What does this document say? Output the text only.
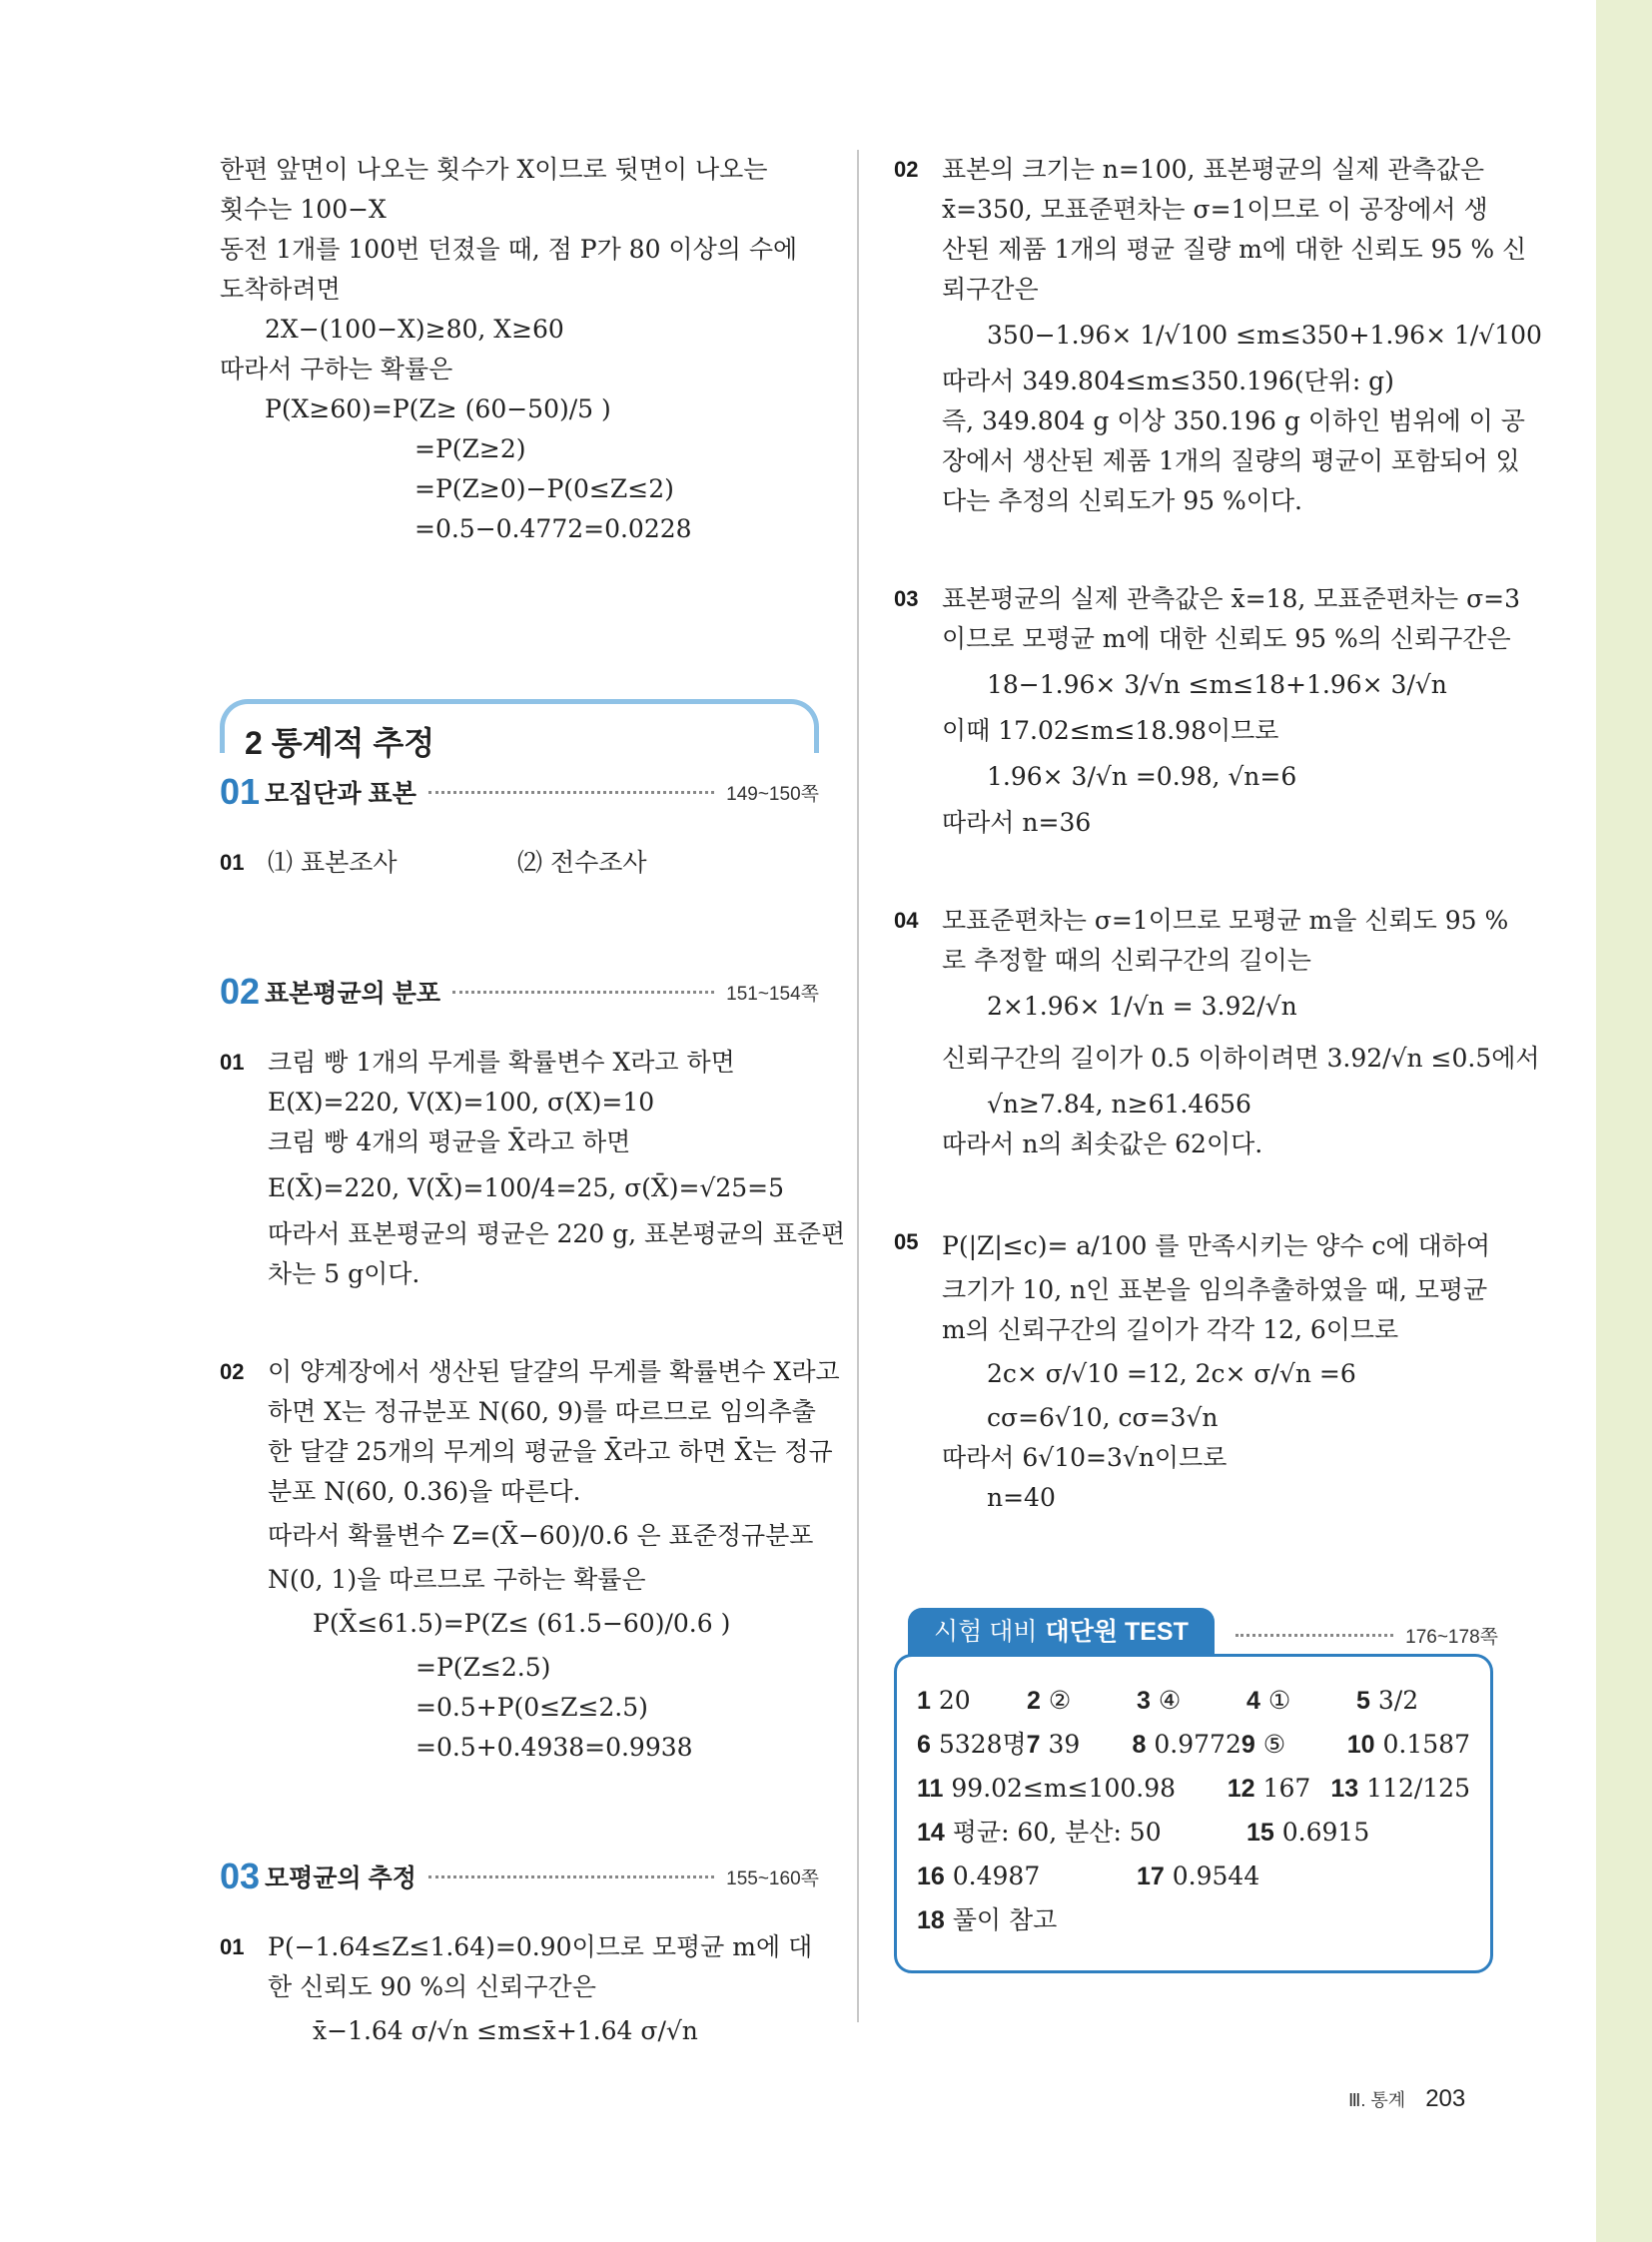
한편 앞면이 나오는 횟수가 X이므로 뒷면이 나오는
횟수는 100−X
동전 1개를 100번 던졌을 때, 점 P가 80 이상의 수에
도착하려면
2X−(100−X)≥80, X≥60
따라서 구하는 확률은
P(X≥60)=P(Z≥ (60−50)/5 )
=P(Z≥2)
=P(Z≥0)−P(0≤Z≤2)
=0.5−0.4772=0.0228
2 통계적 추정
01 모집단과 표본	149~150쪽
01 ⑴ 표본조사	⑵ 전수조사
02 표본평균의 분포	151~154쪽
01 크림 빵 1개의 무게를 확률변수 X라고 하면
E(X)=220, V(X)=100, σ(X)=10
크림 빵 4개의 평균을 X̄라고 하면
E(X̄)=220, V(X̄)=100/4=25, σ(X̄)=√25=5
따라서 표본평균의 평균은 220 g, 표본평균의 표준편
차는 5 g이다.
02 이 양계장에서 생산된 달걀의 무게를 확률변수 X라고
하면 X는 정규분포 N(60, 9)를 따르므로 임의추출
한 달걀 25개의 무게의 평균을 X̄라고 하면 X̄는 정규
분포 N(60, 0.36)을 따른다.
따라서 확률변수 Z=(X̄−60)/0.6 은 표준정규분포
N(0, 1)을 따르므로 구하는 확률은
P(X̄≤61.5)=P(Z≤ (61.5−60)/0.6 )
=P(Z≤2.5)
=0.5+P(0≤Z≤2.5)
=0.5+0.4938=0.9938
03 모평균의 추정	155~160쪽
01 P(−1.64≤Z≤1.64)=0.90이므로 모평균 m에 대
한 신뢰도 90 %의 신뢰구간은
x̄−1.64 σ/√n ≤m≤x̄+1.64 σ/√n
02 표본의 크기는 n=100, 표본평균의 실제 관측값은
x̄=350, 모표준편차는 σ=1이므로 이 공장에서 생
산된 제품 1개의 평균 질량 m에 대한 신뢰도 95 % 신
뢰구간은
350−1.96× 1/√100 ≤m≤350+1.96× 1/√100
따라서 349.804≤m≤350.196(단위: g)
즉, 349.804 g 이상 350.196 g 이하인 범위에 이 공
장에서 생산된 제품 1개의 질량의 평균이 포함되어 있
다는 추정의 신뢰도가 95 %이다.
03 표본평균의 실제 관측값은 x̄=18, 모표준편차는 σ=3
이므로 모평균 m에 대한 신뢰도 95 %의 신뢰구간은
18−1.96× 3/√n ≤m≤18+1.96× 3/√n
이때 17.02≤m≤18.98이므로
1.96× 3/√n =0.98, √n=6
따라서 n=36
04 모표준편차는 σ=1이므로 모평균 m을 신뢰도 95 %
로 추정할 때의 신뢰구간의 길이는
2×1.96× 1/√n = 3.92/√n
신뢰구간의 길이가 0.5 이하이려면 3.92/√n ≤0.5에서
√n≥7.84, n≥61.4656
따라서 n의 최솟값은 62이다.
05 P(|Z|≤c)= a/100 를 만족시키는 양수 c에 대하여
크기가 10, n인 표본을 임의추출하였을 때, 모평균
m의 신뢰구간의 길이가 각각 12, 6이므로
2c× σ/√10 =12, 2c× σ/√n =6
cσ=6√10, cσ=3√n
따라서 6√10=3√n이므로
n=40
시험 대비 대단원 TEST	176~178쪽
1 20	2 ②	3 ④	4 ①	5 3/2
6 5328명 7 39	8 0.9772 9 ⑤	10 0.1587
11 99.02≤m≤100.98	12 167 13 112/125
14 평균: 60, 분산: 50	15 0.6915
16 0.4987	17 0.9544
18 풀이 참고
Ⅲ. 통계 203
